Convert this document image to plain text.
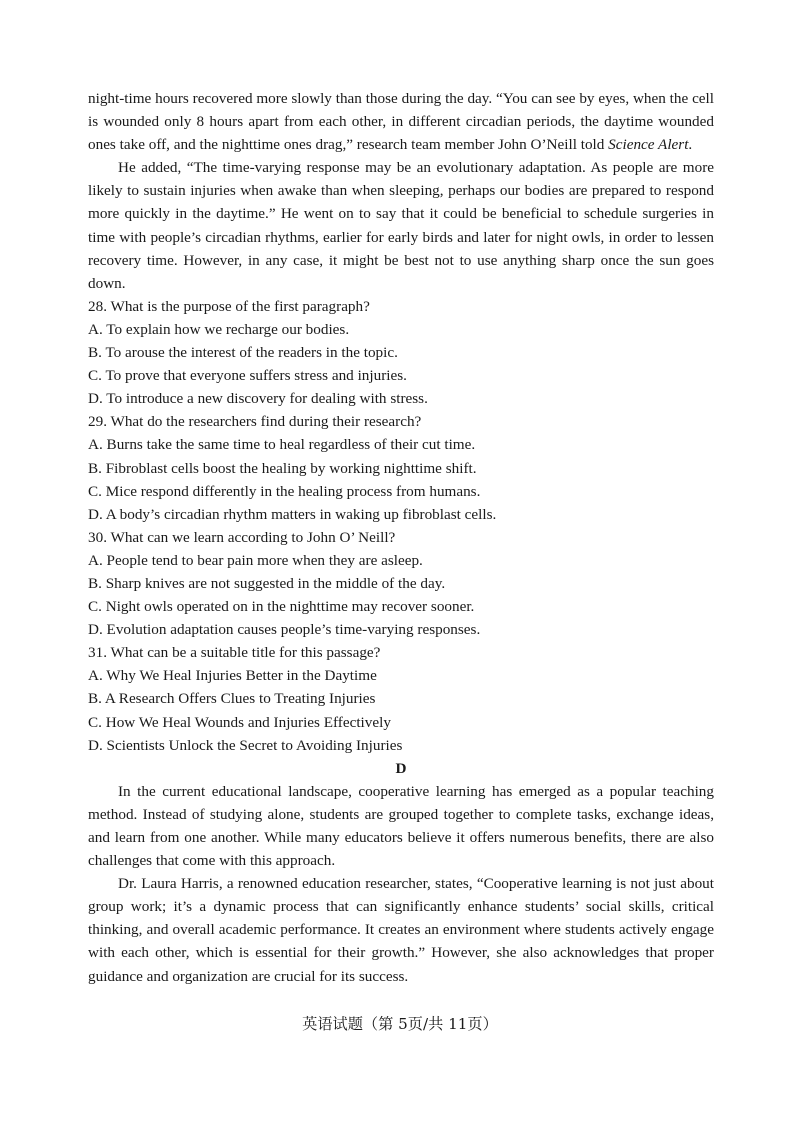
night-time hours recovered more slowly than those during the day. “You can see by eyes, when the cell is wounded only 8 hours apart from each other, in different circadian periods, the daytime wounded ones take off, and the nighttime ones drag,” research team member John O’Neill told Science Alert.

He added, “The time-varying response may be an evolutionary adaptation. As people are more likely to sustain injuries when awake than when sleeping, perhaps our bodies are prepared to respond more quickly in the daytime.” He went on to say that it could be beneficial to schedule surgeries in time with people’s circadian rhythms, earlier for early birds and later for night owls, in order to lessen recovery time. However, in any case, it might be best not to use anything sharp once the sun goes down.

28. What is the purpose of the first paragraph?

A. To explain how we recharge our bodies.

B. To arouse the interest of the readers in the topic.

C. To prove that everyone suffers stress and injuries.

D. To introduce a new discovery for dealing with stress.

29. What do the researchers find during their research?

A. Burns take the same time to heal regardless of their cut time.

B. Fibroblast cells boost the healing by working nighttime shift.

C. Mice respond differently in the healing process from humans.

D. A body’s circadian rhythm matters in waking up fibroblast cells.

30. What can we learn according to John O’ Neill?

A. People tend to bear pain more when they are asleep.

B. Sharp knives are not suggested in the middle of the day.

C. Night owls operated on in the nighttime may recover sooner.

D. Evolution adaptation causes people’s time-varying responses.

31. What can be a suitable title for this passage?

A. Why We Heal Injuries Better in the Daytime

B. A Research Offers Clues to Treating Injuries

C. How We Heal Wounds and Injuries Effectively

D. Scientists Unlock the Secret to Avoiding Injuries

D

In the current educational landscape, cooperative learning has emerged as a popular teaching method. Instead of studying alone, students are grouped together to complete tasks, exchange ideas, and learn from one another. While many educators believe it offers numerous benefits, there are also challenges that come with this approach.

Dr. Laura Harris, a renowned education researcher, states, “Cooperative learning is not just about group work; it’s a dynamic process that can significantly enhance students’ social skills, critical thinking, and overall academic performance. It creates an environment where students actively engage with each other, which is essential for their growth.” However, she also acknowledges that proper guidance and organization are crucial for its success.

英语试题（第 5页/共 11页）
